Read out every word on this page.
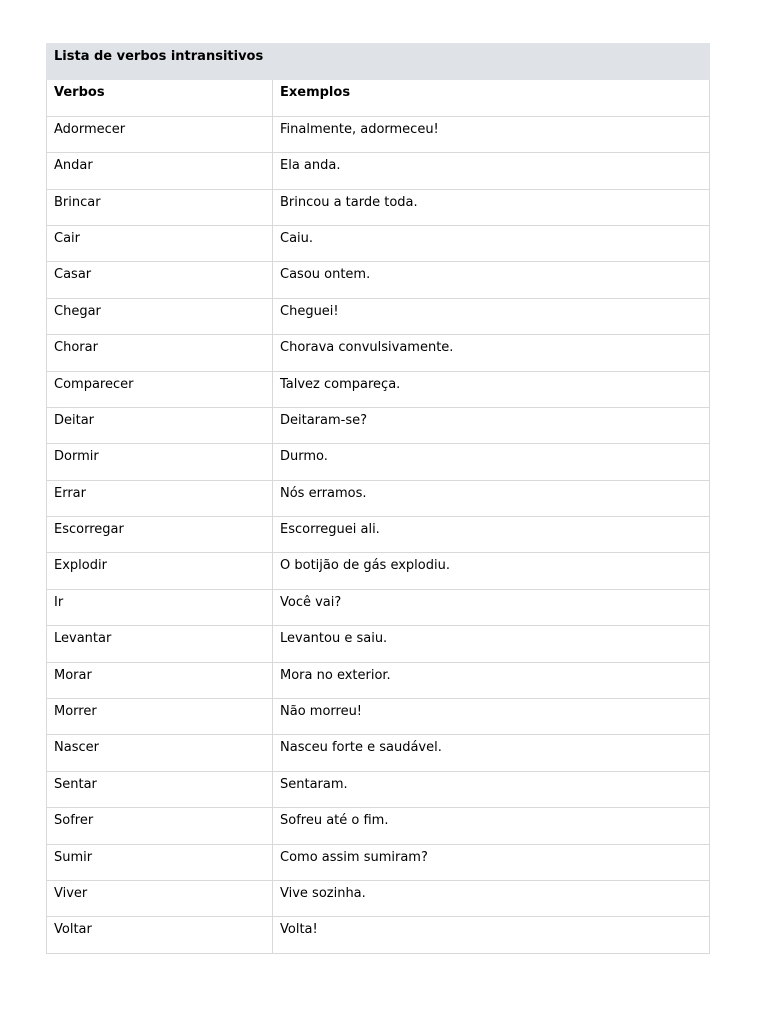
Lista de verbos intransitivos	
Verbos	Exemplos
Adormecer	Finalmente, adormeceu!
Andar	Ela anda.
Brincar	Brincou a tarde toda.
Cair	Caiu.
Casar	Casou ontem.
Chegar	Cheguei!
Chorar	Chorava convulsivamente.
Comparecer	Talvez compareça.
Deitar	Deitaram-se?
Dormir	Durmo.
Errar	Nós erramos.
Escorregar	Escorreguei ali.
Explodir	O botijão de gás explodiu.
Ir	Você vai?
Levantar	Levantou e saiu.
Morar	Mora no exterior.
Morrer	Não morreu!
Nascer	Nasceu forte e saudável.
Sentar	Sentaram.
Sofrer	Sofreu até o fim.
Sumir	Como assim sumiram?
Viver	Vive sozinha.
Voltar	Volta!
